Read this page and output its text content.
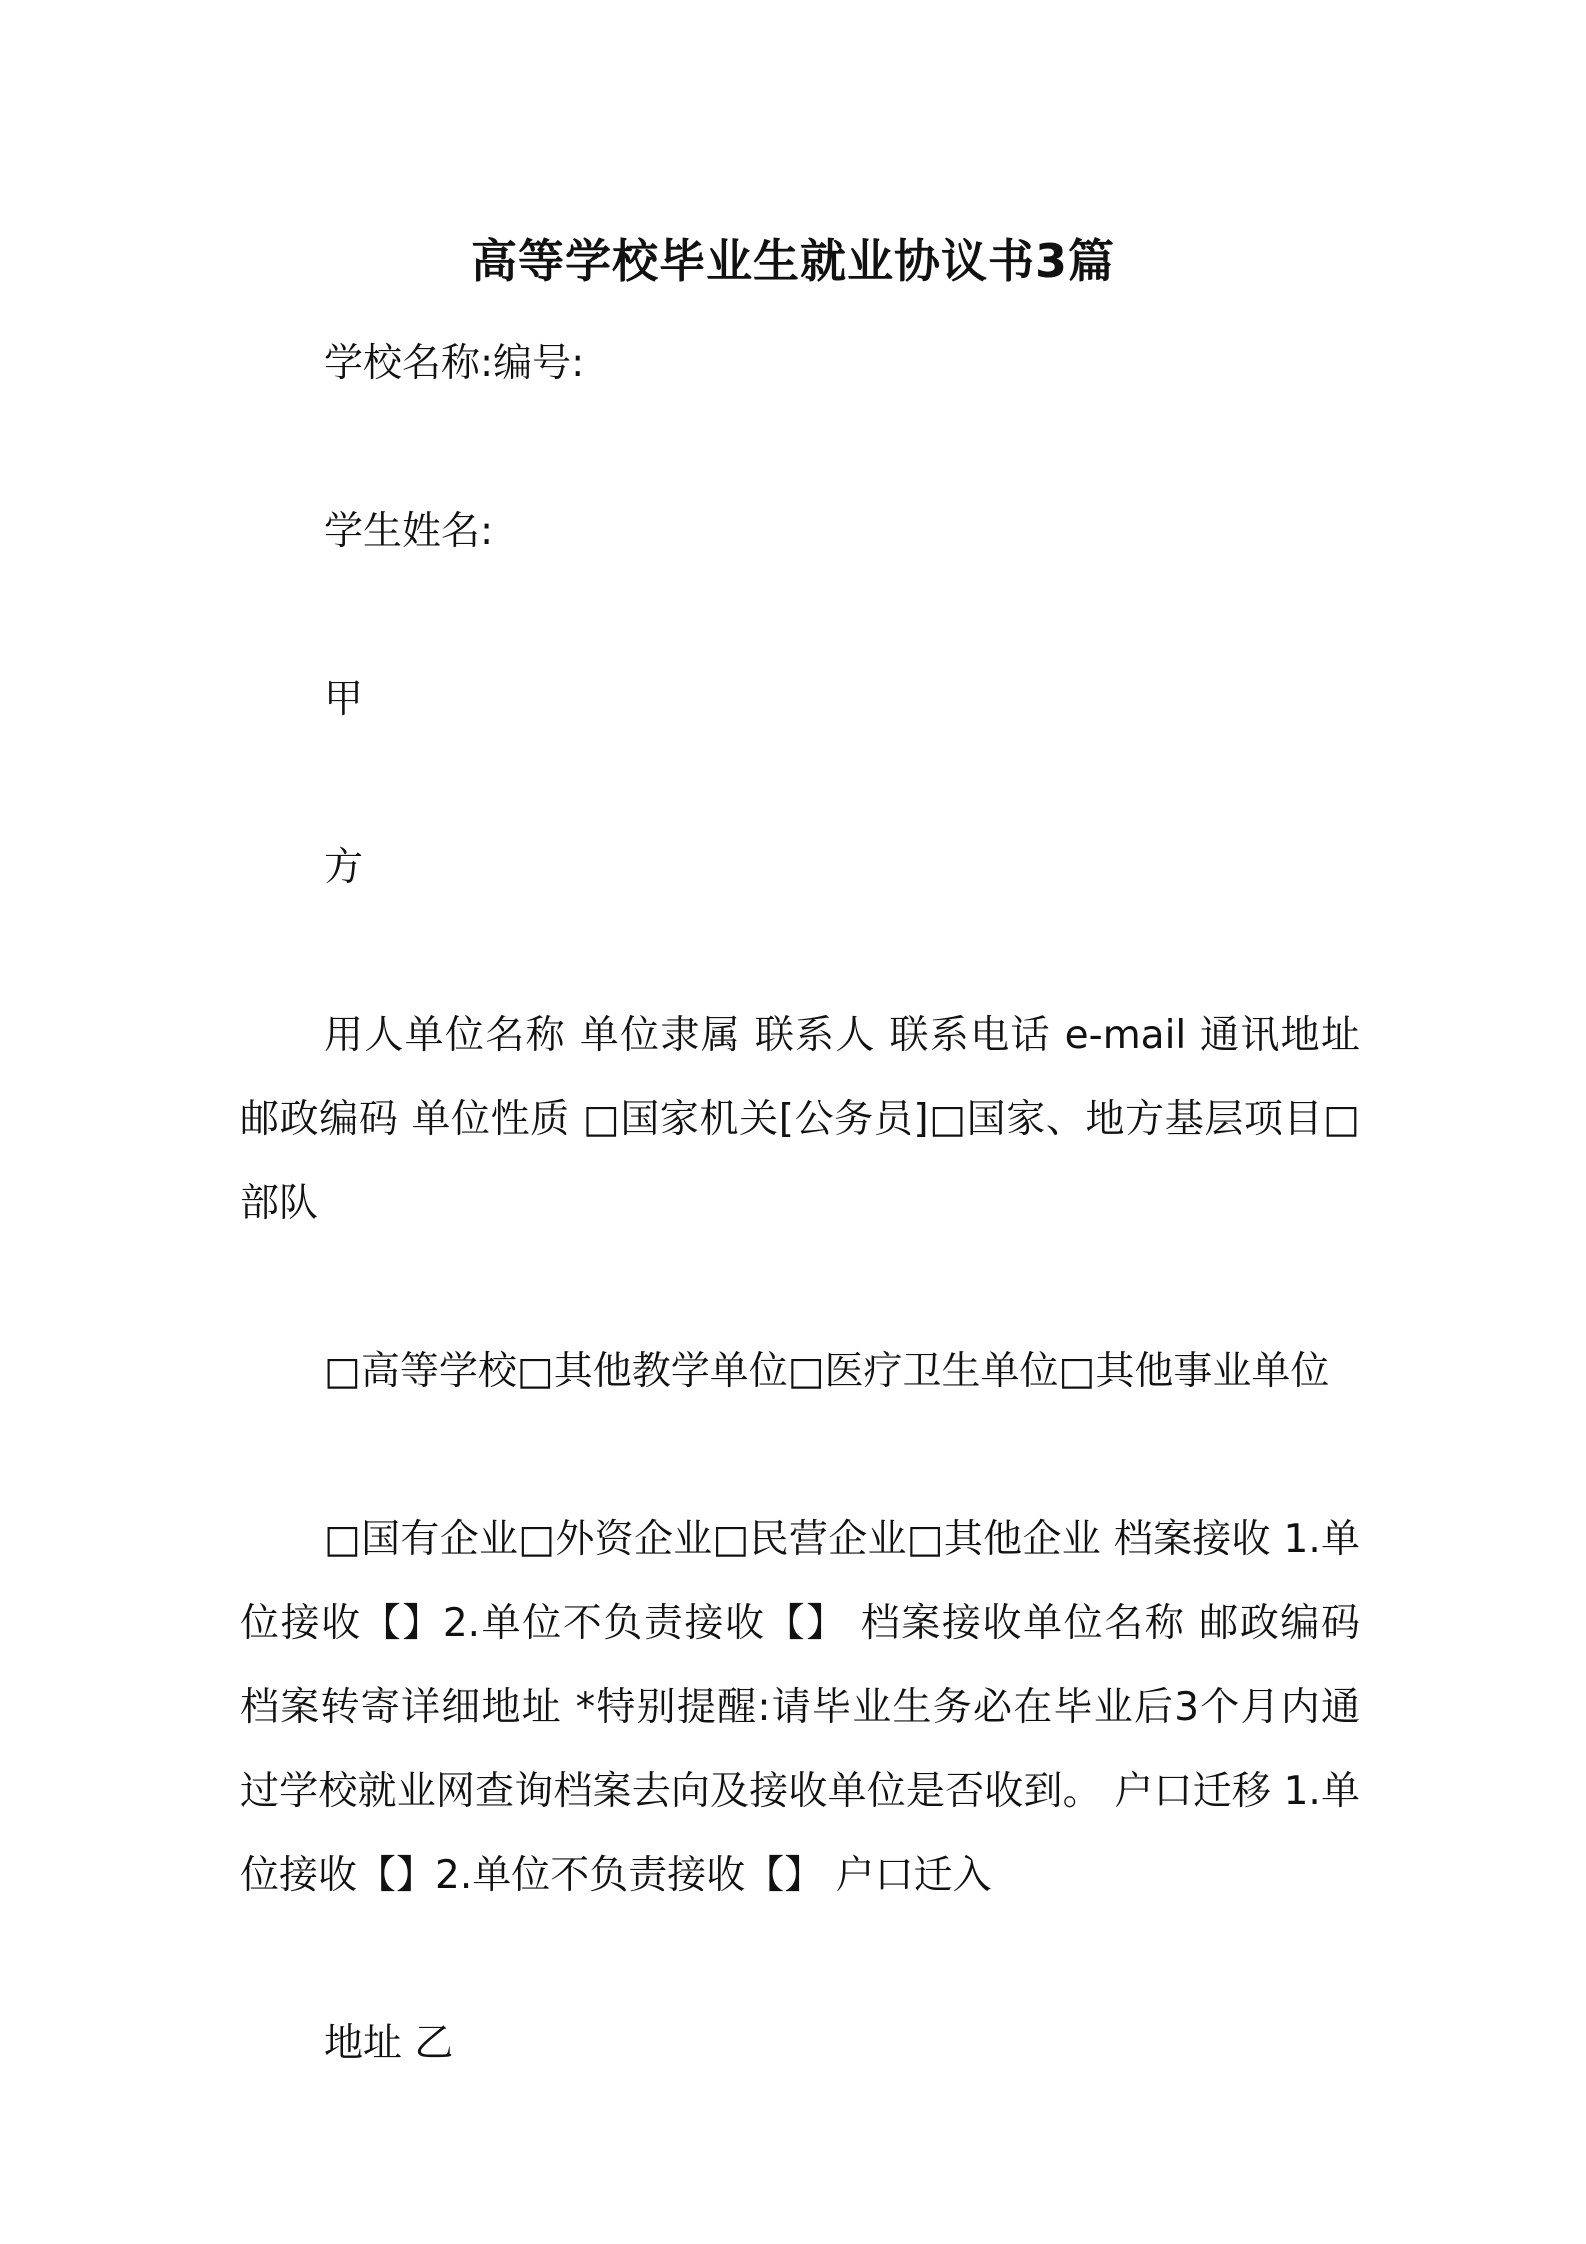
高等学校毕业生就业协议书3篇

学校名称:编号:

学生姓名:

甲

方

用人单位名称 单位隶属 联系人 联系电话 e-mail 通讯地址 邮政编码 单位性质 □国家机关[公务员]□国家、地方基层项目□部队

□高等学校□其他教学单位□医疗卫生单位□其他事业单位

□国有企业□外资企业□民营企业□其他企业 档案接收 1.单位接收【】2.单位不负责接收【】 档案接收单位名称 邮政编码 档案转寄详细地址 *特别提醒:请毕业生务必在毕业后3个月内通过学校就业网查询档案去向及接收单位是否收到。 户口迁移 1.单位接收【】2.单位不负责接收【】 户口迁入

地址 乙
